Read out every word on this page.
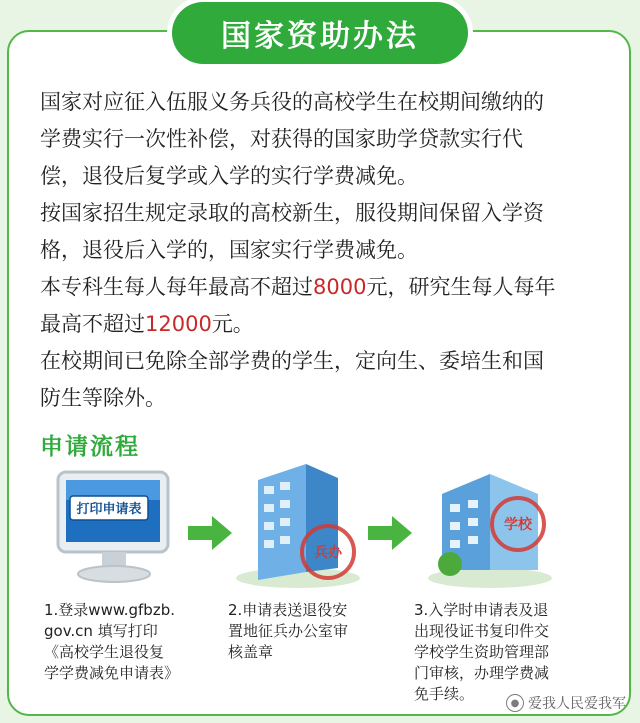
国家资助办法

国家对应征入伍服义务兵役的高校学生在校期间缴纳的
学费实行一次性补偿，对获得的国家助学贷款实行代
偿，退役后复学或入学的实行学费减免。

按国家招生规定录取的高校新生，服役期间保留入学资
格，退役后入学的，国家实行学费减免。

本专科生每人每年最高不超过8000元，研究生每人每年
最高不超过12000元。

在校期间已免除全部学费的学生，定向生、委培生和国
防生等除外。

申请流程
打印申请表
兵办
学校
1.登录www.gfbzb.
gov.cn 填写打印
《高校学生退役复
学学费减免申请表》
2.申请表送退役安
置地征兵办公室审
核盖章
3.入学时申请表及退
出现役证书复印件交
学校学生资助管理部
门审核，办理学费减
免手续。	● 爱我人民爱我军
